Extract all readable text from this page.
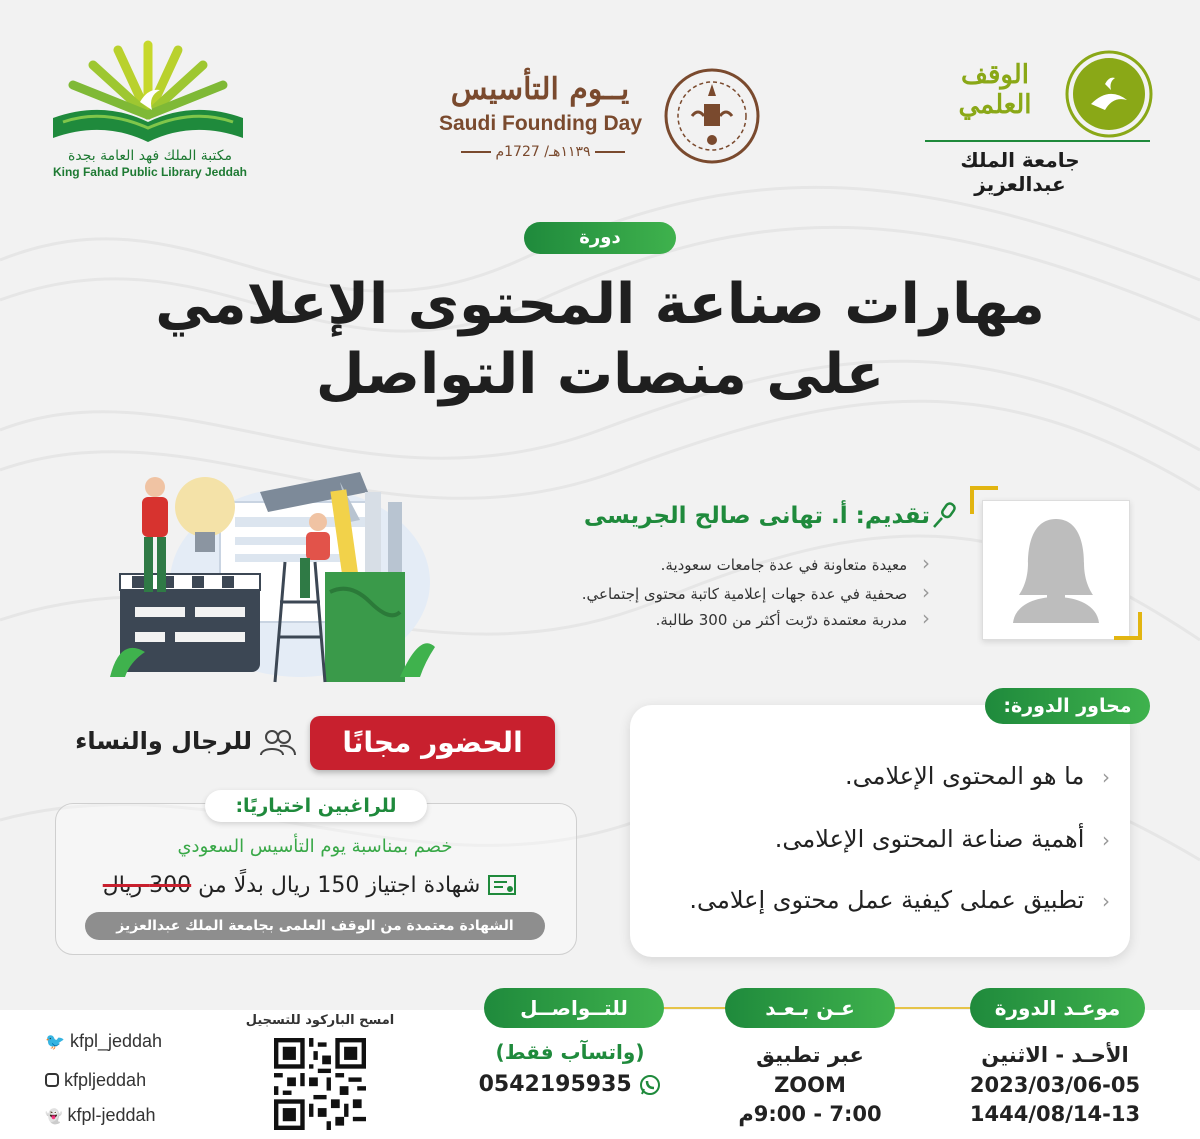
مكتبة الملك فهد العامة بجدة
King Fahad Public Library Jeddah
يــوم التأسيس
Saudi Founding Day
١١٣٩هـ/ 1727م
الوقف العلمي
جامعة الملك عبدالعزيز
دورة
مهارات صناعة المحتوى الإعلامي
على منصات التواصل
تقديم: أ. تهانى صالح الجريسى
‹ معيدة متعاونة في عدة جامعات سعودية.
‹ صحفية في عدة جهات إعلامية كاتبة محتوى إجتماعي.
‹ مدربة معتمدة درّبت أكثر من 300 طالبة.
محاور الدورة:
‹ ما هو المحتوى الإعلامى.
‹ أهمية صناعة المحتوى الإعلامى.
‹ تطبيق عملى كيفية عمل محتوى إعلامى.
الحضور مجانًا
للرجال والنساء
للراغبين اختياريًا:
خصم بمناسبة يوم التأسيس السعودي
شهادة اجتياز 150 ريال بدلًا من 300 ريال
الشهادة معتمدة من الوقف العلمى بجامعة الملك عبدالعزيز
موعـد الدورة
الأحـد - الاثنين
2023/03/06-05
1444/08/14-13
عـن بـعـد
عبر تطبيق
ZOOM
7:00 - 9:00م
للتــواصــل
(واتسآب فقط)
0542195935
امسح الباركود للتسجيل
🐦 kfpl_jeddah
kfpljeddah
👻 kfpl-jeddah
